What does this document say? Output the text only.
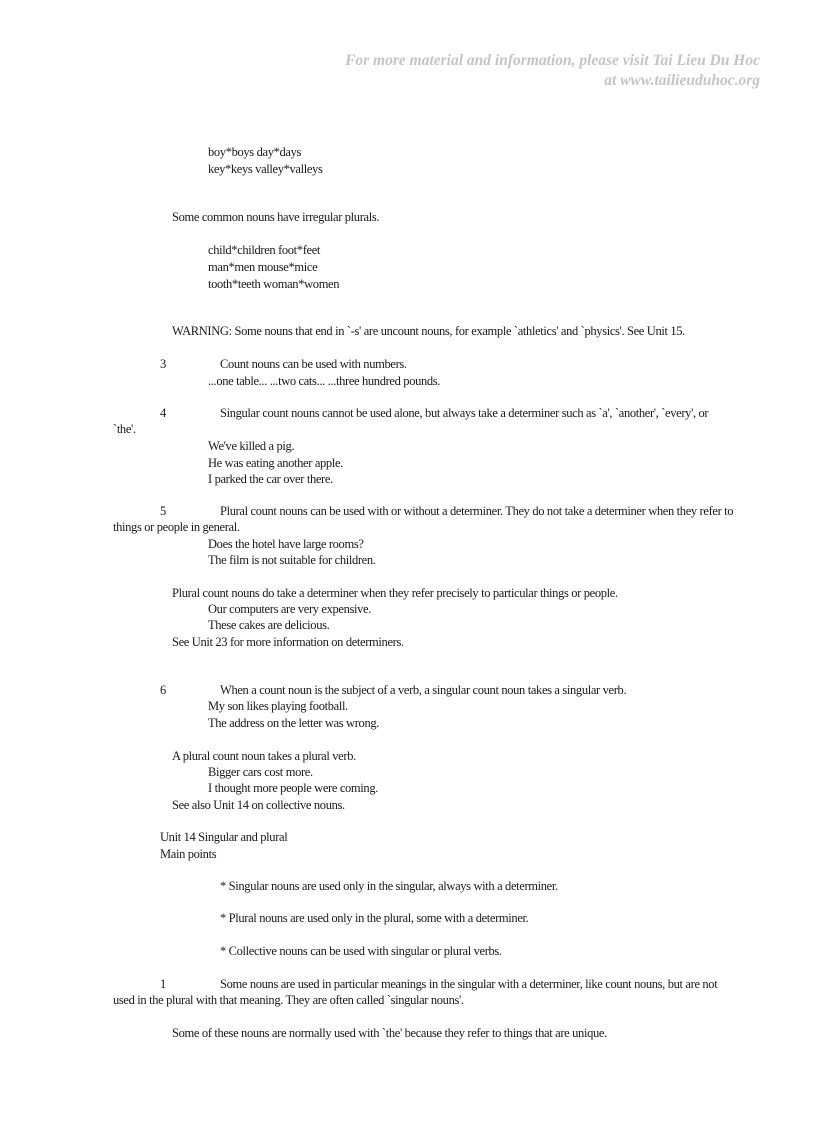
For more material and information, please visit Tai Lieu Du Hoc
at www.tailieuduhoc.org
boy*boys day*days
key*keys valley*valleys
Some common nouns have irregular plurals.
child*children foot*feet
man*men mouse*mice
tooth*teeth woman*women
WARNING: Some nouns that end in `-s' are uncount nouns, for example `athletics' and `physics'. See Unit 15.
3	Count nouns can be used with numbers.
...one table... ...two cats... ...three hundred pounds.
4	Singular count nouns cannot be used alone, but always take a determiner such as `a', `another', `every', or
`the'.
We've killed a pig.
He was eating another apple.
I parked the car over there.
5	Plural count nouns can be used with or without a determiner. They do not take a determiner when they refer to
things or people in general.
Does the hotel have large rooms?
The film is not suitable for children.
Plural count nouns do take a determiner when they refer precisely to particular things or people.
Our computers are very expensive.
These cakes are delicious.
See Unit 23 for more information on determiners.
6	When a count noun is the subject of a verb, a singular count noun takes a singular verb.
My son likes playing football.
The address on the letter was wrong.
A plural count noun takes a plural verb.
Bigger cars cost more.
I thought more people were coming.
See also Unit 14 on collective nouns.
Unit 14 Singular and plural
Main points
* Singular nouns are used only in the singular, always with a determiner.
* Plural nouns are used only in the plural, some with a determiner.
* Collective nouns can be used with singular or plural verbs.
1	Some nouns are used in particular meanings in the singular with a determiner, like count nouns, but are not
used in the plural with that meaning. They are often called `singular nouns'.
Some of these nouns are normally used with `the' because they refer to things that are unique.
